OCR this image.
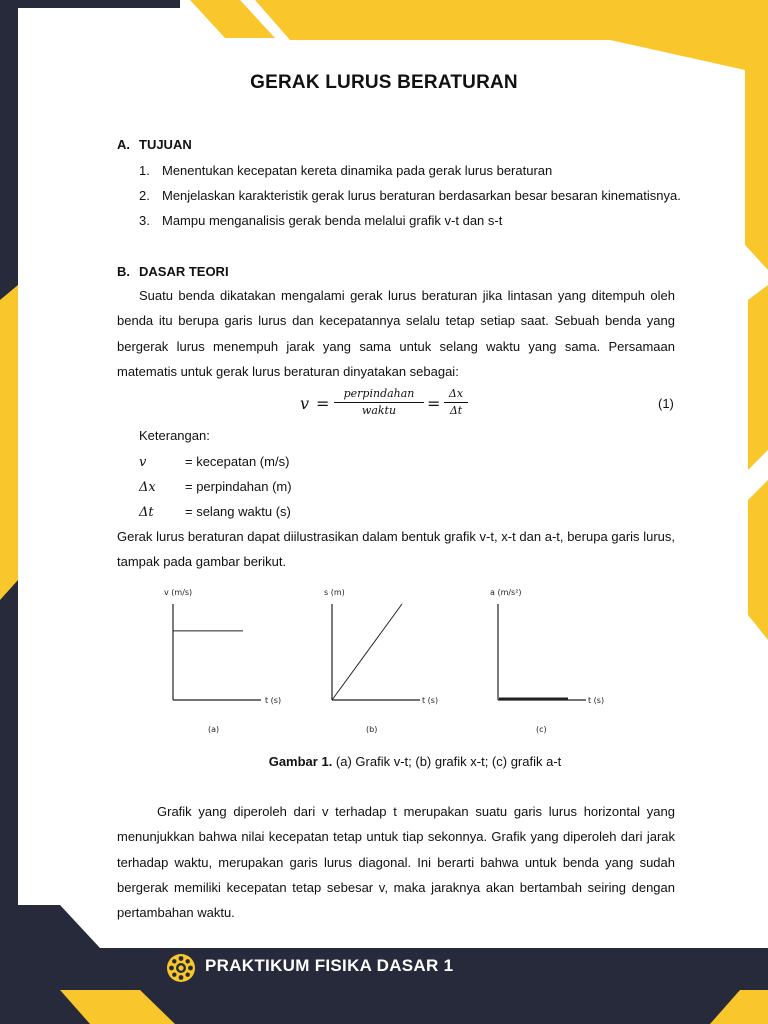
GERAK LURUS BERATURAN
A. TUJUAN
1. Menentukan kecepatan kereta dinamika pada gerak lurus beraturan
2. Menjelaskan karakteristik gerak lurus beraturan berdasarkan besar besaran kinematisnya.
3. Mampu menganalisis gerak benda melalui grafik v-t dan s-t
B. DASAR TEORI
Suatu benda dikatakan mengalami gerak lurus beraturan jika lintasan yang ditempuh oleh benda itu berupa garis lurus dan kecepatannya selalu tetap setiap saat. Sebuah benda yang bergerak lurus menempuh jarak yang sama untuk selang waktu yang sama. Persamaan matematis untuk gerak lurus beraturan dinyatakan sebagai:
v =
perpindahan
waktu	=
Δx
Δt	(1)
Keterangan:
v	= kecepatan (m/s)
Δx = perpindahan (m)
Δt = selang waktu (s)
Gerak lurus beraturan dapat diilustrasikan dalam bentuk grafik v-t, x-t dan a-t, berupa garis lurus, tampak pada gambar berikut.
v (m/s)
t (s)
(a)
s (m)
t (s)
(b)
a (m/s²)
t (s)
(c)
Gambar 1. (a) Grafik v-t; (b) grafik x-t; (c) grafik a-t
Grafik yang diperoleh dari v terhadap t merupakan suatu garis lurus horizontal yang menunjukkan bahwa nilai kecepatan tetap untuk tiap sekonnya. Grafik yang diperoleh dari jarak terhadap waktu, merupakan garis lurus diagonal. Ini berarti bahwa untuk benda yang sudah bergerak memiliki kecepatan tetap sebesar v, maka jaraknya akan bertambah seiring dengan pertambahan waktu.
PRAKTIKUM FISIKA DASAR 1
